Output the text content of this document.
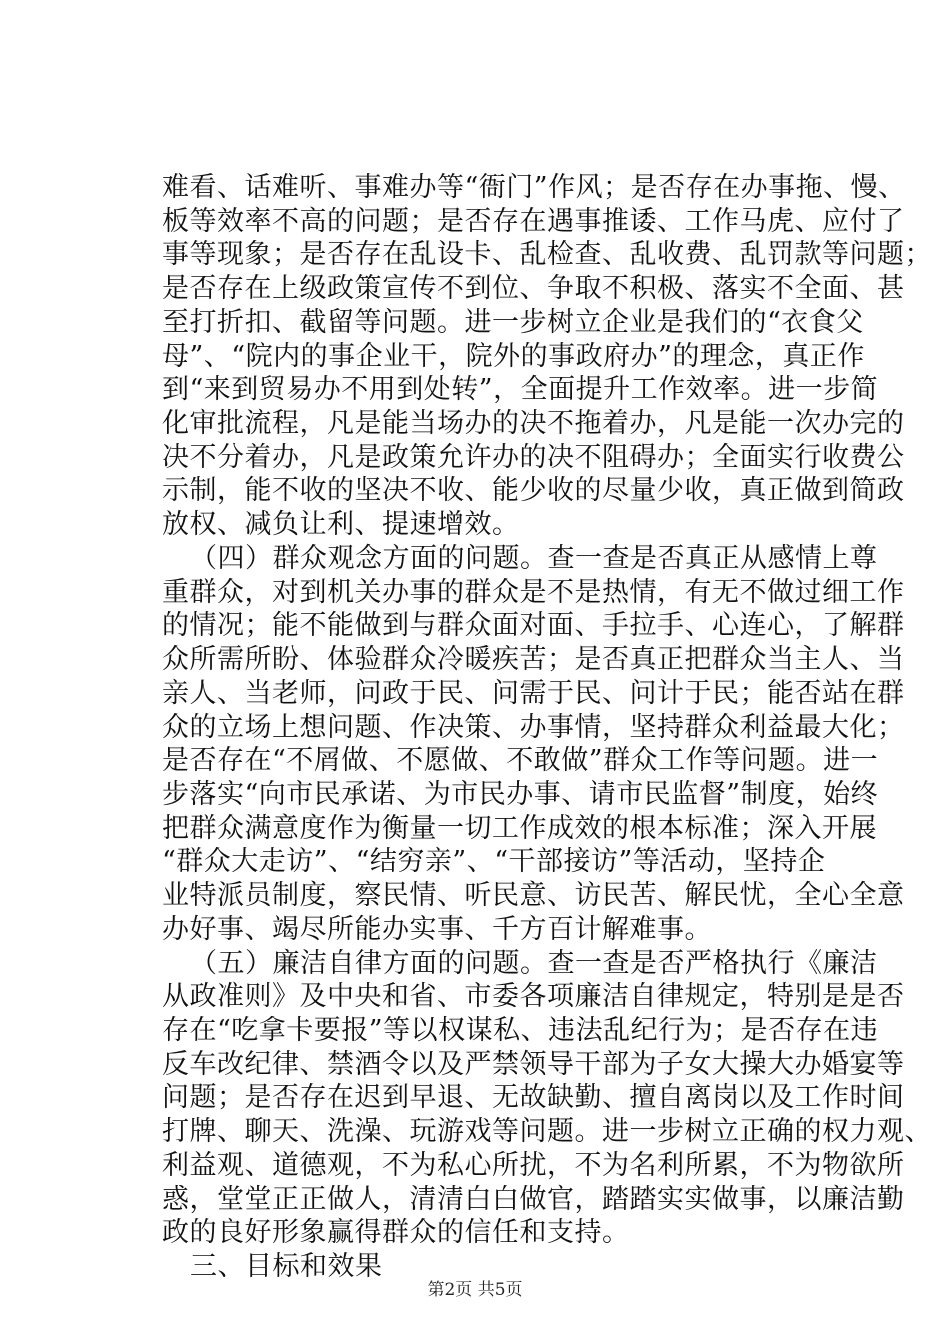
难看、话难听、事难办等“衙门”作风；是否存在办事拖、慢、
板等效率不高的问题；是否存在遇事推诿、工作马虎、应付了
事等现象；是否存在乱设卡、乱检查、乱收费、乱罚款等问题；
是否存在上级政策宣传不到位、争取不积极、落实不全面、甚
至打折扣、截留等问题。进一步树立企业是我们的“衣食父
母”、“院内的事企业干，院外的事政府办”的理念，真正作
到“来到贸易办不用到处转”，全面提升工作效率。进一步简
化审批流程，凡是能当场办的决不拖着办，凡是能一次办完的
决不分着办，凡是政策允许办的决不阻碍办；全面实行收费公
示制，能不收的坚决不收、能少收的尽量少收，真正做到简政
放权、减负让利、提速增效。
（四）群众观念方面的问题。查一查是否真正从感情上尊
重群众，对到机关办事的群众是不是热情，有无不做过细工作
的情况；能不能做到与群众面对面、手拉手、心连心，了解群
众所需所盼、体验群众冷暖疾苦；是否真正把群众当主人、当
亲人、当老师，问政于民、问需于民、问计于民；能否站在群
众的立场上想问题、作决策、办事情，坚持群众利益最大化；
是否存在“不屑做、不愿做、不敢做”群众工作等问题。进一
步落实“向市民承诺、为市民办事、请市民监督”制度，始终
把群众满意度作为衡量一切工作成效的根本标准；深入开展
“群众大走访”、“结穷亲”、“干部接访”等活动，坚持企
业特派员制度，察民情、听民意、访民苦、解民忧，全心全意
办好事、竭尽所能办实事、千方百计解难事。
（五）廉洁自律方面的问题。查一查是否严格执行《廉洁
从政准则》及中央和省、市委各项廉洁自律规定，特别是是否
存在“吃拿卡要报”等以权谋私、违法乱纪行为；是否存在违
反车改纪律、禁酒令以及严禁领导干部为子女大操大办婚宴等
问题；是否存在迟到早退、无故缺勤、擅自离岗以及工作时间
打牌、聊天、洗澡、玩游戏等问题。进一步树立正确的权力观、
利益观、道德观，不为私心所扰，不为名利所累，不为物欲所
惑，堂堂正正做人，清清白白做官，踏踏实实做事，以廉洁勤
政的良好形象赢得群众的信任和支持。
三、目标和效果
第2页 共5页
